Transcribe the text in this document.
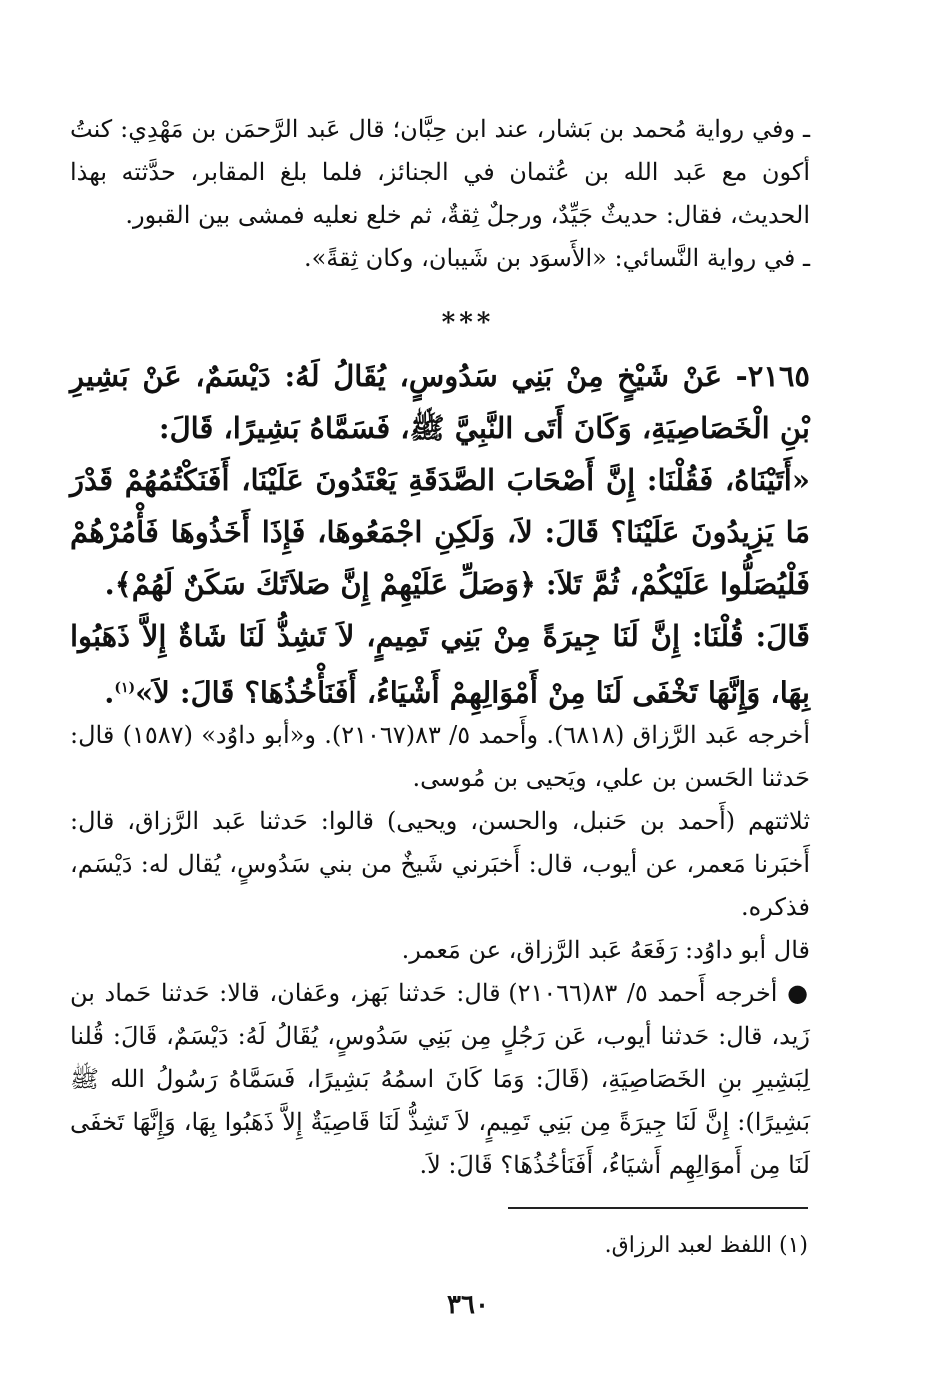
ـ وفي رواية مُحمد بن بَشار، عند ابن حِبَّان؛ قال عَبد الرَّحمَن بن مَهْدِي: كنتُ أكون مع عَبد الله بن عُثمان في الجنائز، فلما بلغ المقابر، حدَّثته بهذا الحديث، فقال: حديثٌ جَيِّدٌ، ورجلٌ ثِقةٌ، ثم خلع نعليه فمشى بين القبور.

ـ في رواية النَّسائي: «الأَسوَد بن شَيبان، وكان ثِقةً».

***

٢١٦٥- عَنْ شَيْخٍ مِنْ بَنِي سَدُوسٍ، يُقَالُ لَهُ: دَيْسَمٌ، عَنْ بَشِيرِ بْنِ الْخَصَاصِيَةِ، وَكَانَ أَتَى النَّبِيَّ ﷺ، فَسَمَّاهُ بَشِيرًا، قَالَ:

«أَتَيْنَاهُ، فَقُلْنَا: إِنَّ أَصْحَابَ الصَّدَقَةِ يَعْتَدُونَ عَلَيْنَا، أَفَنَكْتُمُهُمْ قَدْرَ مَا يَزِيدُونَ عَلَيْنَا؟ قَالَ: لاَ، وَلَكِنِ اجْمَعُوهَا، فَإِذَا أَخَذُوهَا فَأْمُرْهُمْ فَلْيُصَلُّوا عَلَيْكُمْ، ثُمَّ تَلاَ: ﴿وَصَلِّ عَلَيْهِمْ إِنَّ صَلاَتَكَ سَكَنٌ لَهُمْ﴾.

قَالَ: قُلْنَا: إِنَّ لَنَا جِيرَةً مِنْ بَنِي تَمِيمٍ، لاَ تَشِذُّ لَنَا شَاةٌ إِلاَّ ذَهَبُوا بِهَا، وَإِنَّهَا تَخْفَى لَنَا مِنْ أَمْوَالِهِمْ أَشْيَاءُ، أَفَنَأْخُذُهَا؟ قَالَ: لاَ»$^{(١)}$.

أخرجه عَبد الرَّزاق (٦٨١٨). وأَحمد ٥/ ٨٣(٢١٠٦٧). و«أبو داوُد» (١٥٨٧) قال: حَدثنا الحَسن بن علي، ويَحيى بن مُوسى.

ثلاثتهم (أَحمد بن حَنبل، والحسن، ويحيى) قالوا: حَدثنا عَبد الرَّزاق، قال: أَخبَرنا مَعمر، عن أيوب، قال: أَخبَرني شَيخٌ من بني سَدُوسٍ، يُقال له: دَيْسَم، فذكره.

قال أبو داوُد: رَفَعَهُ عَبد الرَّزاق، عن مَعمر.

● أخرجه أَحمد ٥/ ٨٣(٢١٠٦٦) قال: حَدثنا بَهز، وعَفان، قالا: حَدثنا حَماد بن زَيد، قال: حَدثنا أيوب، عَن رَجُلٍ مِن بَنِي سَدُوسٍ، يُقَالُ لَهُ: دَيْسَمٌ، قَالَ: قُلنا لِبَشِيرِ بنِ الخَصَاصِيَةِ، (قَالَ: وَمَا كَانَ اسمُهُ بَشِيرًا، فَسَمَّاهُ رَسُولُ الله ﷺ بَشِيرًا): إِنَّ لَنَا جِيرَةً مِن بَنِي تَمِيمٍ، لاَ تَشِذُّ لَنَا قَاصِيَةٌ إِلاَّ ذَهَبُوا بِهَا، وَإِنَّهَا تَخفَى لَنَا مِن أَموَالِهِم أَشيَاءُ، أَفَنَأخُذُهَا؟ قَالَ: لاَ.

(١) اللفظ لعبد الرزاق.
٣٦٠
